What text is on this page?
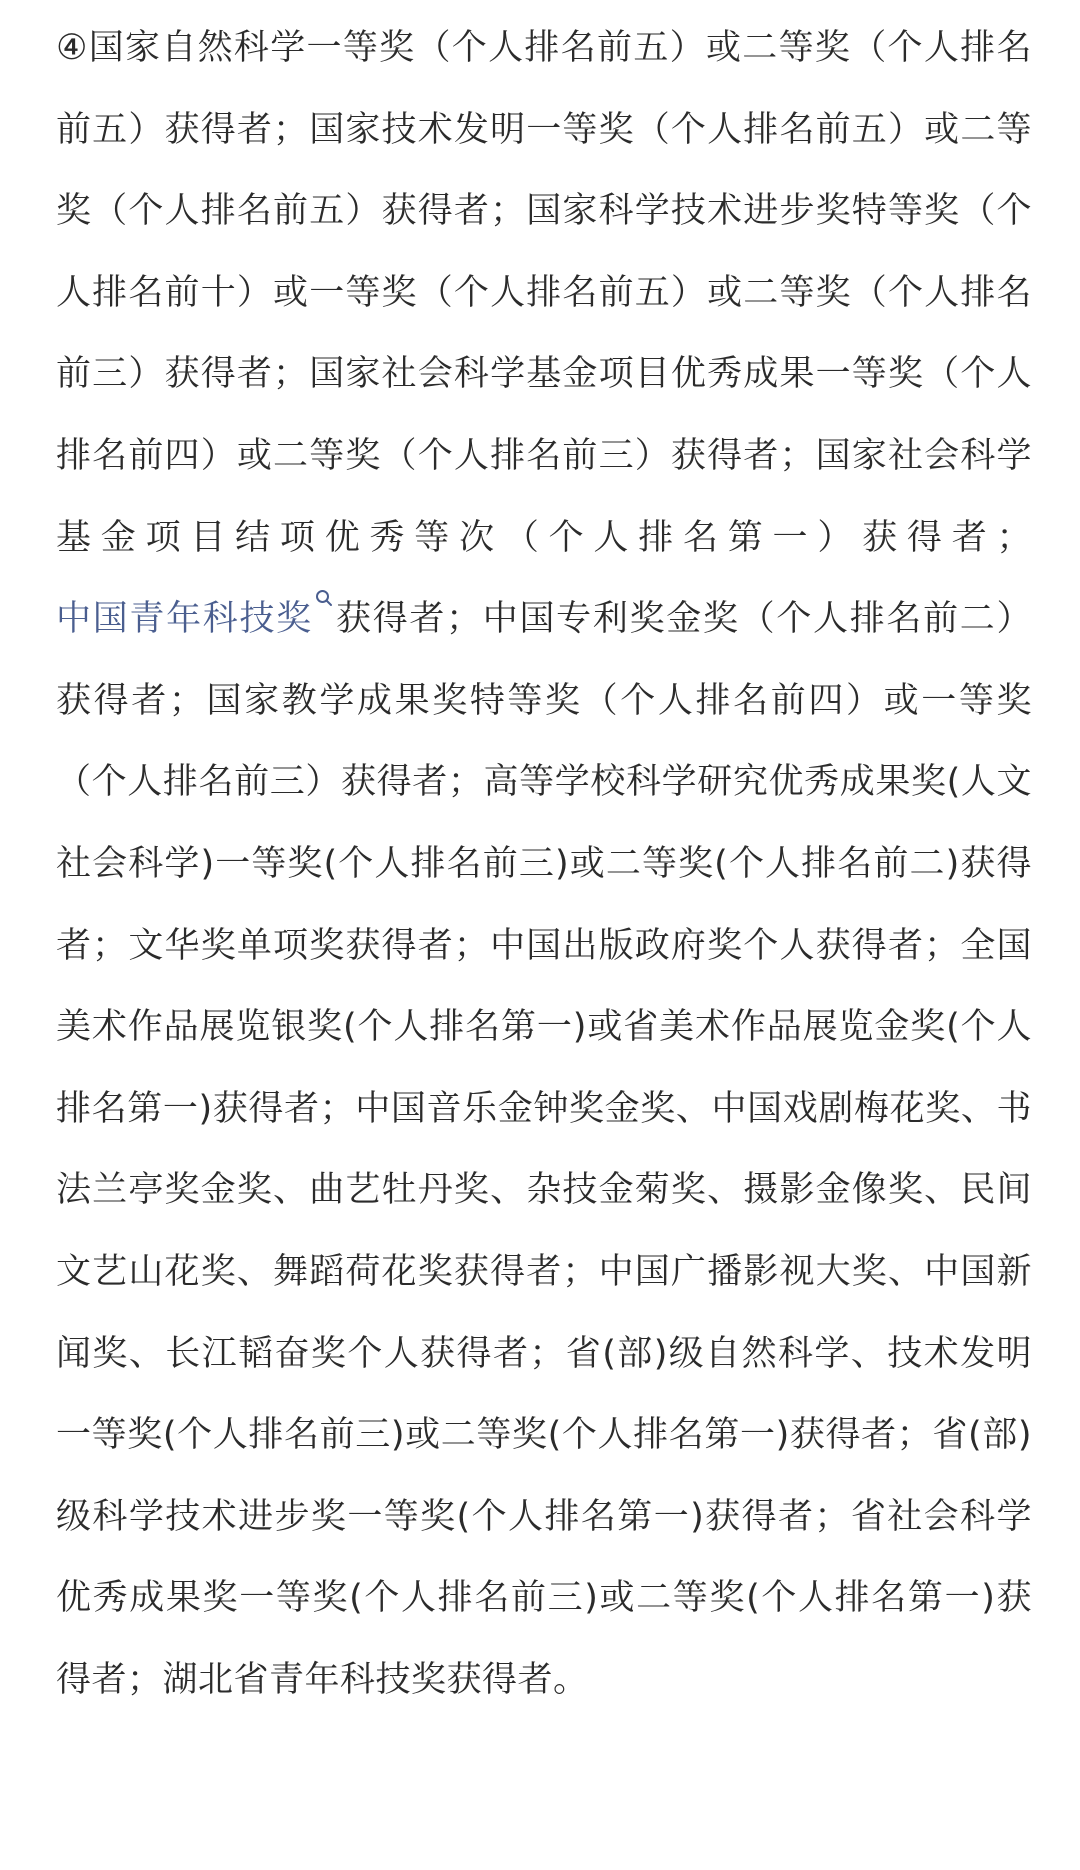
④国家自然科学一等奖（个人排名前五）或二等奖（个人排名前五）获得者；国家技术发明一等奖（个人排名前五）或二等奖（个人排名前五）获得者；国家科学技术进步奖特等奖（个人排名前十）或一等奖（个人排名前五）或二等奖（个人排名前三）获得者；国家社会科学基金项目优秀成果一等奖（个人排名前四）或二等奖（个人排名前三）获得者；国家社会科学基金项目结项优秀等次（个人排名第一）获得者；中国青年科技奖 获得者；中国专利奖金奖（个人排名前二）获得者；国家教学成果奖特等奖（个人排名前四）或一等奖（个人排名前三）获得者；高等学校科学研究优秀成果奖(人文社会科学)一等奖(个人排名前三)或二等奖(个人排名前二)获得者；文华奖单项奖获得者；中国出版政府奖个人获得者；全国美术作品展览银奖(个人排名第一)或省美术作品展览金奖(个人排名第一)获得者；中国音乐金钟奖金奖、中国戏剧梅花奖、书法兰亭奖金奖、曲艺牡丹奖、杂技金菊奖、摄影金像奖、民间文艺山花奖、舞蹈荷花奖获得者；中国广播影视大奖、中国新闻奖、长江韬奋奖个人获得者；省(部)级自然科学、技术发明一等奖(个人排名前三)或二等奖(个人排名第一)获得者；省(部)级科学技术进步奖一等奖(个人排名第一)获得者；省社会科学优秀成果奖一等奖(个人排名前三)或二等奖(个人排名第一)获得者；湖北省青年科技奖获得者。
